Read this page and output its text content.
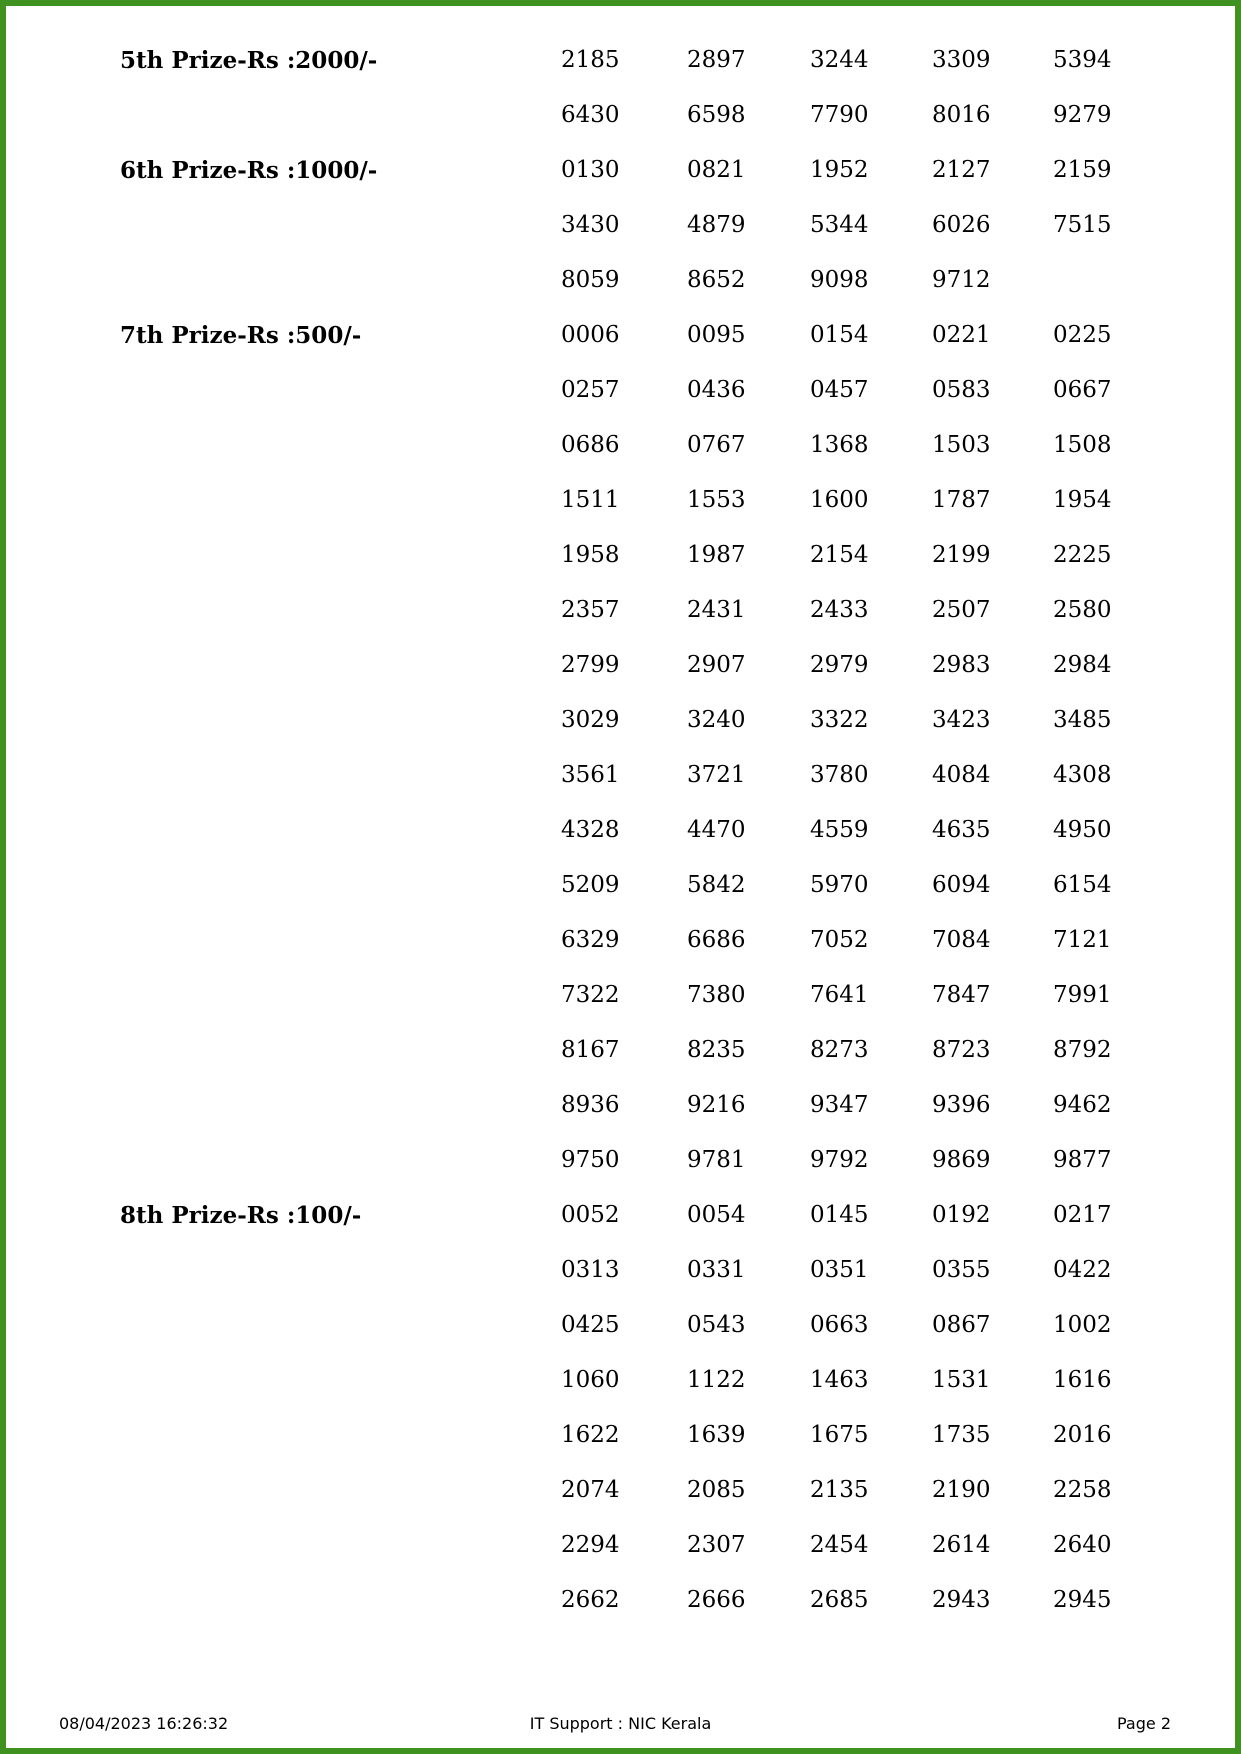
5th Prize-Rs :2000/-	2185	2897	3244	3309	5394
6430	6598	7790	8016	9279
6th Prize-Rs :1000/-	0130	0821	1952	2127	2159
3430	4879	5344	6026	7515
8059	8652	9098	9712
7th Prize-Rs :500/-	0006	0095	0154	0221	0225
0257	0436	0457	0583	0667
0686	0767	1368	1503	1508
1511	1553	1600	1787	1954
1958	1987	2154	2199	2225
2357	2431	2433	2507	2580
2799	2907	2979	2983	2984
3029	3240	3322	3423	3485
3561	3721	3780	4084	4308
4328	4470	4559	4635	4950
5209	5842	5970	6094	6154
6329	6686	7052	7084	7121
7322	7380	7641	7847	7991
8167	8235	8273	8723	8792
8936	9216	9347	9396	9462
9750	9781	9792	9869	9877
8th Prize-Rs :100/-	0052	0054	0145	0192	0217
0313	0331	0351	0355	0422
0425	0543	0663	0867	1002
1060	1122	1463	1531	1616
1622	1639	1675	1735	2016
2074	2085	2135	2190	2258
2294	2307	2454	2614	2640
2662	2666	2685	2943	2945
08/04/2023 16:26:32	IT Support : NIC Kerala	Page 2
